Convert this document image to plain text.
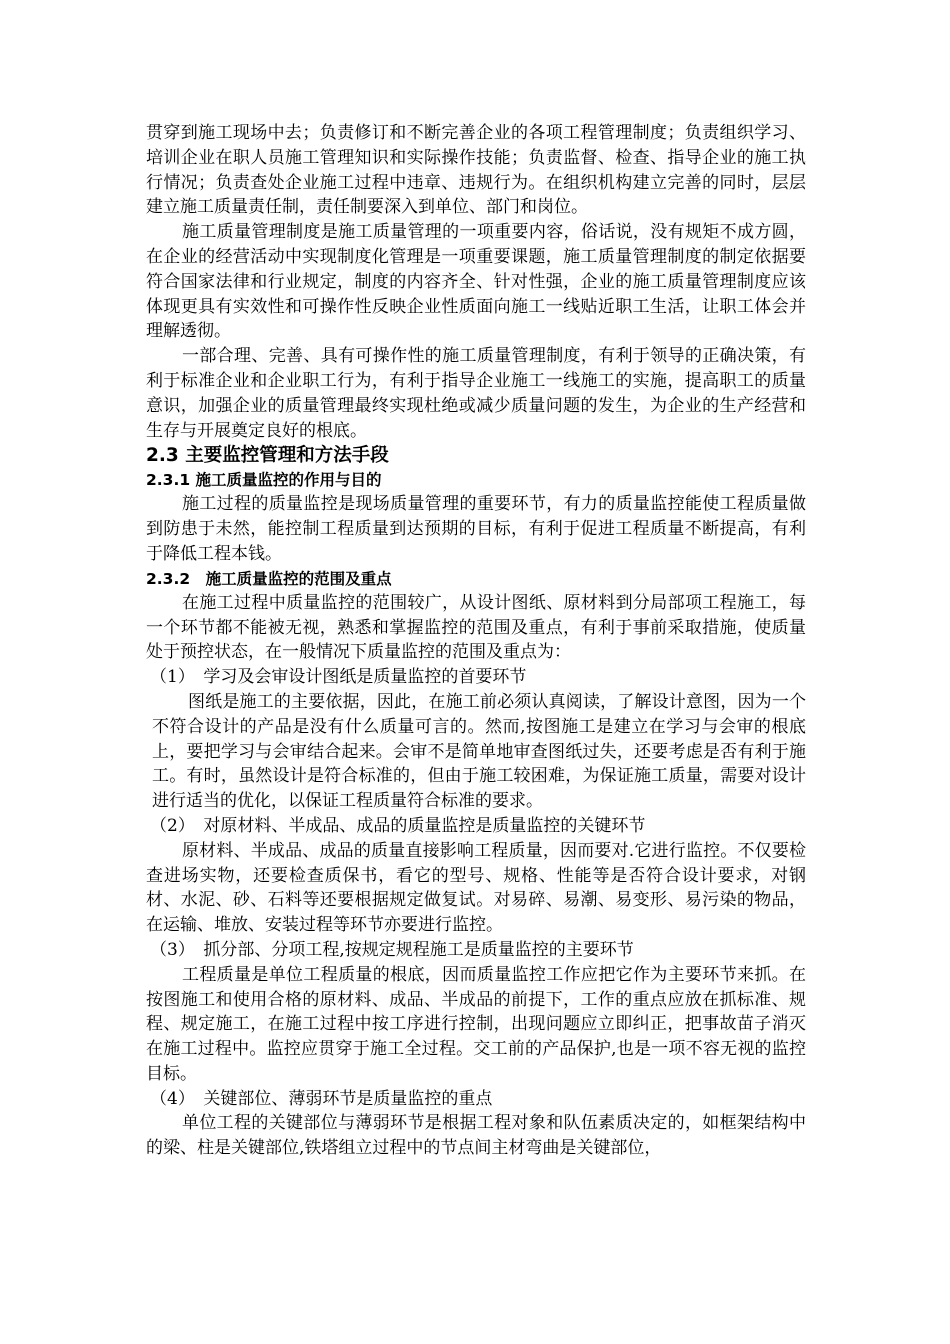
贯穿到施工现场中去；负责修订和不断完善企业的各项工程管理制度；负责组织学习、培训企业在职人员施工管理知识和实际操作技能；负责监督、检查、指导企业的施工执行情况；负责查处企业施工过程中违章、违规行为。在组织机构建立完善的同时，层层建立施工质量责任制，责任制要深入到单位、部门和岗位。

施工质量管理制度是施工质量管理的一项重要内容，俗话说，没有规矩不成方圆，在企业的经营活动中实现制度化管理是一项重要课题，施工质量管理制度的制定依据要符合国家法律和行业规定，制度的内容齐全、针对性强，企业的施工质量管理制度应该体现更具有实效性和可操作性反映企业性质面向施工一线贴近职工生活，让职工体会并理解透彻。

一部合理、完善、具有可操作性的施工质量管理制度，有利于领导的正确决策，有利于标准企业和企业职工行为，有利于指导企业施工一线施工的实施，提高职工的质量意识，加强企业的质量管理最终实现杜绝或减少质量问题的发生，为企业的生产经营和生存与开展奠定良好的根底。

2.3 主要监控管理和方法手段
2.3.1 施工质量监控的作用与目的

施工过程的质量监控是现场质量管理的重要环节，有力的质量监控能使工程质量做到防患于未然，能控制工程质量到达预期的目标，有利于促进工程质量不断提高，有利于降低工程本钱。

2.3.2　施工质量监控的范围及重点

在施工过程中质量监控的范围较广，从设计图纸、原材料到分局部项工程施工，每一个环节都不能被无视，熟悉和掌握监控的范围及重点，有利于事前采取措施，使质量处于预控状态，在一般情况下质量监控的范围及重点为：

（1）　学习及会审设计图纸是质量监控的首要环节

图纸是施工的主要依据，因此，在施工前必须认真阅读，了解设计意图，因为一个不符合设计的产品是没有什么质量可言的。然而,按图施工是建立在学习与会审的根底上，要把学习与会审结合起来。会审不是简单地审查图纸过失，还要考虑是否有利于施工。有时，虽然设计是符合标准的，但由于施工较困难，为保证施工质量，需要对设计进行适当的优化，以保证工程质量符合标准的要求。

（2）　对原材料、半成品、成品的质量监控是质量监控的关键环节

原材料、半成品、成品的质量直接影响工程质量，因而要对.它进行监控。不仅要检查进场实物，还要检查质保书，看它的型号、规格、性能等是否符合设计要求，对钢材、水泥、砂、石料等还要根据规定做复试。对易碎、易潮、易变形、易污染的物品，在运输、堆放、安装过程等环节亦要进行监控。

（3）　抓分部、分项工程,按规定规程施工是质量监控的主要环节

工程质量是单位工程质量的根底，因而质量监控工作应把它作为主要环节来抓。在按图施工和使用合格的原材料、成品、半成品的前提下，工作的重点应放在抓标准、规程、规定施工，在施工过程中按工序进行控制，出现问题应立即纠正，把事故苗子消灭在施工过程中。监控应贯穿于施工全过程。交工前的产品保护,也是一项不容无视的监控目标。

（4）　关键部位、薄弱环节是质量监控的重点

单位工程的关键部位与薄弱环节是根据工程对象和队伍素质决定的，如框架结构中的梁、柱是关键部位,铁塔组立过程中的节点间主材弯曲是关键部位，
